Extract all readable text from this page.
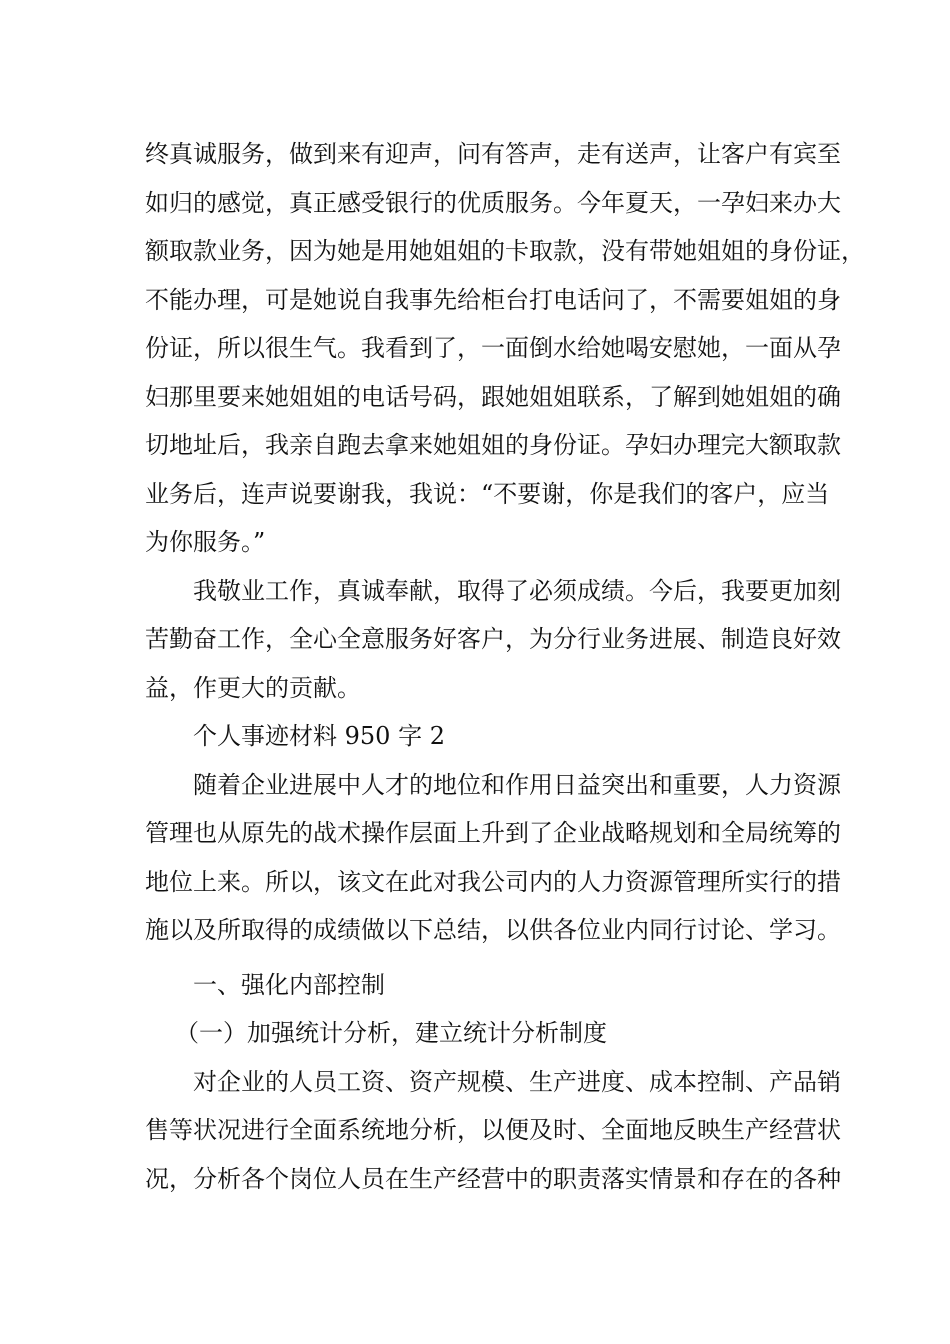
终真诚服务，做到来有迎声，问有答声，走有送声，让客户有宾至
如归的感觉，真正感受银行的优质服务。今年夏天，一孕妇来办大
额取款业务，因为她是用她姐姐的卡取款，没有带她姐姐的身份证，
不能办理，可是她说自我事先给柜台打电话问了，不需要姐姐的身
份证，所以很生气。我看到了，一面倒水给她喝安慰她，一面从孕
妇那里要来她姐姐的电话号码，跟她姐姐联系，了解到她姐姐的确
切地址后，我亲自跑去拿来她姐姐的身份证。孕妇办理完大额取款
业务后，连声说要谢我，我说：“不要谢，你是我们的客户，应当
为你服务。”
我敬业工作，真诚奉献，取得了必须成绩。今后，我要更加刻
苦勤奋工作，全心全意服务好客户，为分行业务进展、制造良好效
益，作更大的贡献。
个人事迹材料 950 字 2
随着企业进展中人才的地位和作用日益突出和重要，人力资源
管理也从原先的战术操作层面上升到了企业战略规划和全局统筹的
地位上来。所以，该文在此对我公司内的人力资源管理所实行的措
施以及所取得的成绩做以下总结，以供各位业内同行讨论、学习。
一、强化内部控制
（一）加强统计分析，建立统计分析制度
对企业的人员工资、资产规模、生产进度、成本控制、产品销
售等状况进行全面系统地分析，以便及时、全面地反映生产经营状
况，分析各个岗位人员在生产经营中的职责落实情景和存在的各种
